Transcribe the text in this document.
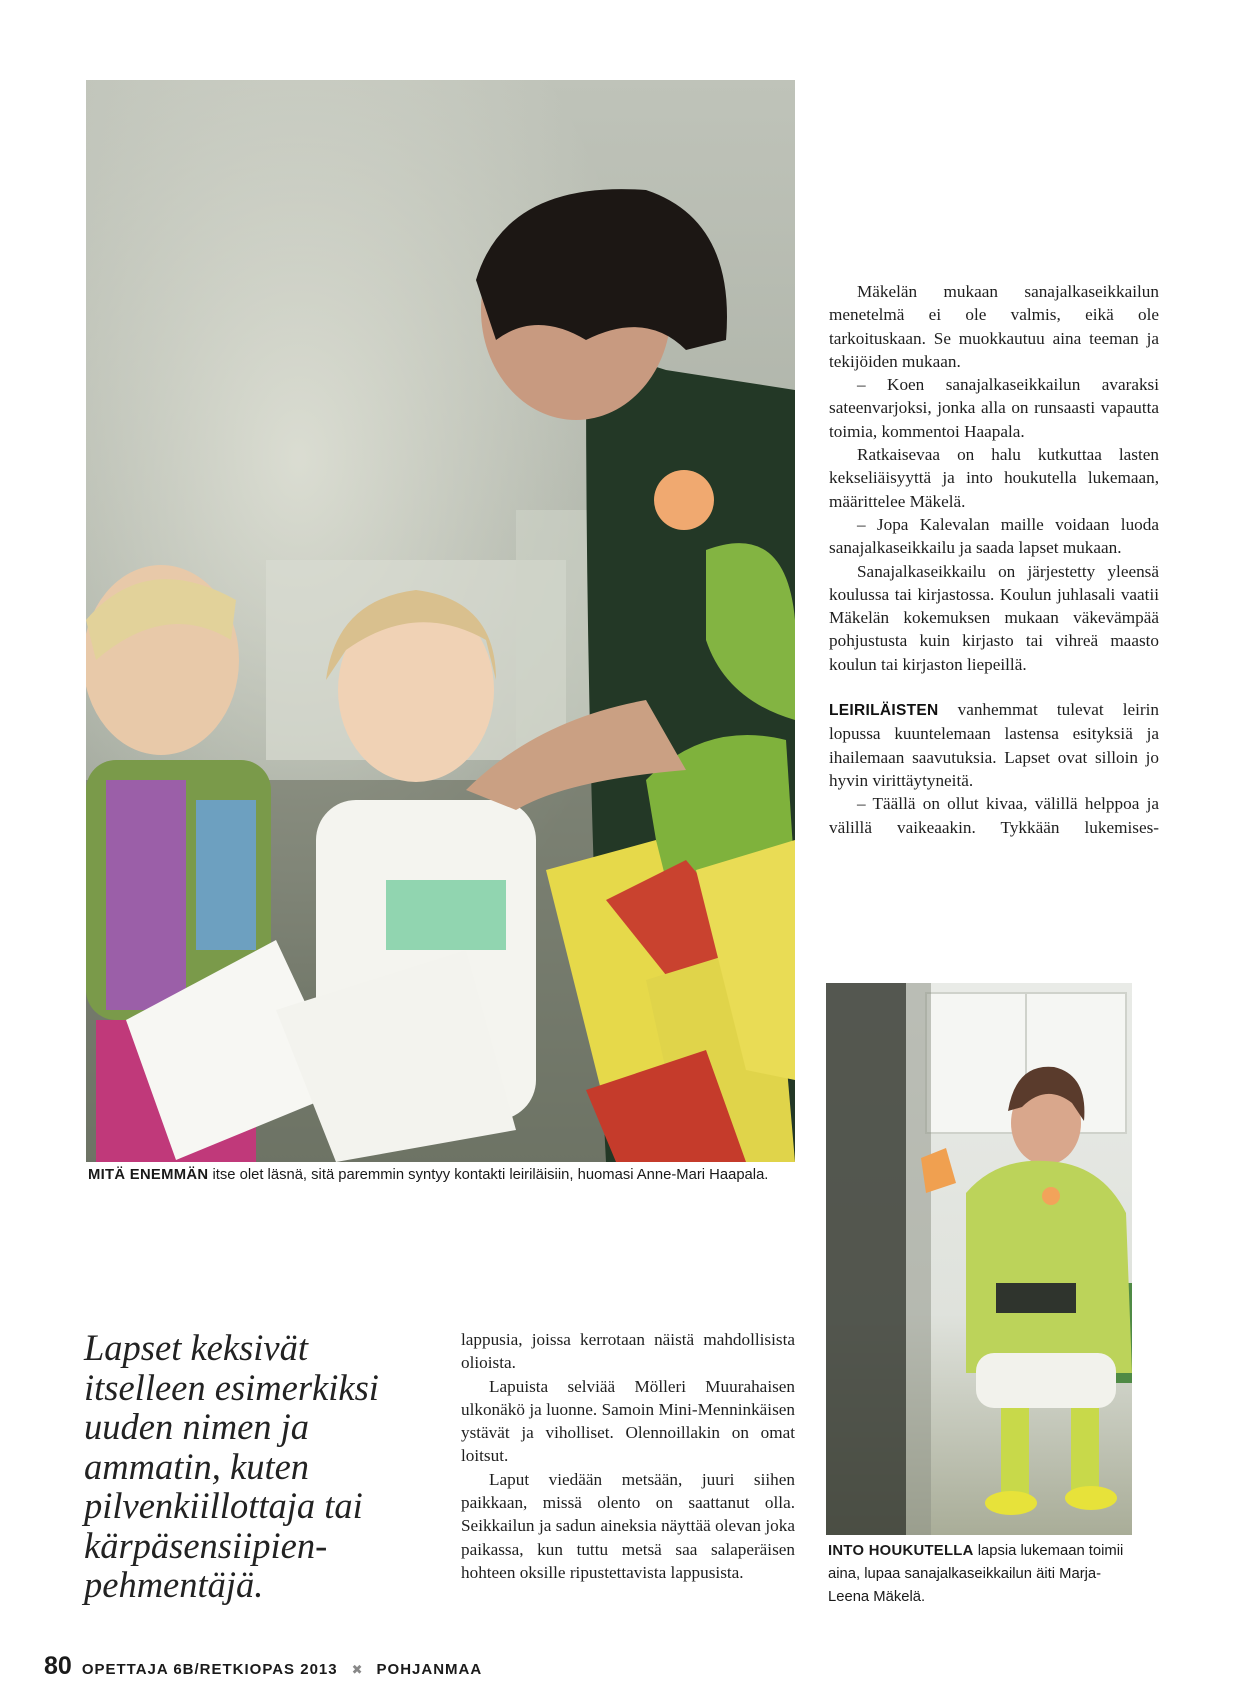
Mäkelän mukaan sanajalkaseikkailun menetelmä ei ole valmis, eikä ole tarkoituskaan. Se muokkautuu aina teeman ja tekijöiden mukaan.

– Koen sanajalkaseikkailun avaraksi sateenvarjoksi, jonka alla on runsaasti vapautta toimia, kommentoi Haapala.

Ratkaisevaa on halu kutkuttaa lasten kekseliäisyyttä ja into houkutella lukemaan, määrittelee Mäkelä.

– Jopa Kalevalan maille voidaan luoda sanajalkaseikkailu ja saada lapset mukaan.

Sanajalkaseikkailu on järjestetty yleensä koulussa tai kirjastossa. Koulun juhlasali vaatii Mäkelän kokemuksen mukaan väkevämpää pohjustusta kuin kirjasto tai vihreä maasto koulun tai kirjaston liepeillä.

LEIRILÄISTEN vanhemmat tulevat leirin lopussa kuuntelemaan lastensa esityksiä ja ihailemaan saavutuksia. Lapset ovat silloin jo hyvin virittäytyneitä.

– Täällä on ollut kivaa, välillä helppoa ja välillä vaikeaakin. Tykkään lukemises-

MITÄ ENEMMÄN itse olet läsnä, sitä paremmin syntyy kontakti leiriläisiin, huomasi Anne-Mari Haapala.
Lapset keksivät
itselleen esimerkiksi
uuden nimen ja
ammatin, kuten
pilvenkiillottaja tai
kärpäsensiipien-
pehmentäjä.

lappusia, joissa kerrotaan näistä mahdollisista olioista.

Lapuista selviää Mölleri Muurahaisen ulkonäkö ja luonne. Samoin Mini-Menninkäisen ystävät ja viholliset. Olennoillakin on omat loitsut.

Laput viedään metsään, juuri siihen paikkaan, missä olento on saattanut olla. Seikkailun ja sadun aineksia näyttää olevan joka paikassa, kun tuttu metsä saa salaperäisen hohteen oksille ripustettavista lappusista.

INTO HOUKUTELLA lapsia lukemaan toimii aina, lupaa sanajalkaseikkailun äiti Marja-Leena Mäkelä.
80 OPETTAJA 6B/RETKIOPAS 2013 ✖ POHJANMAA
